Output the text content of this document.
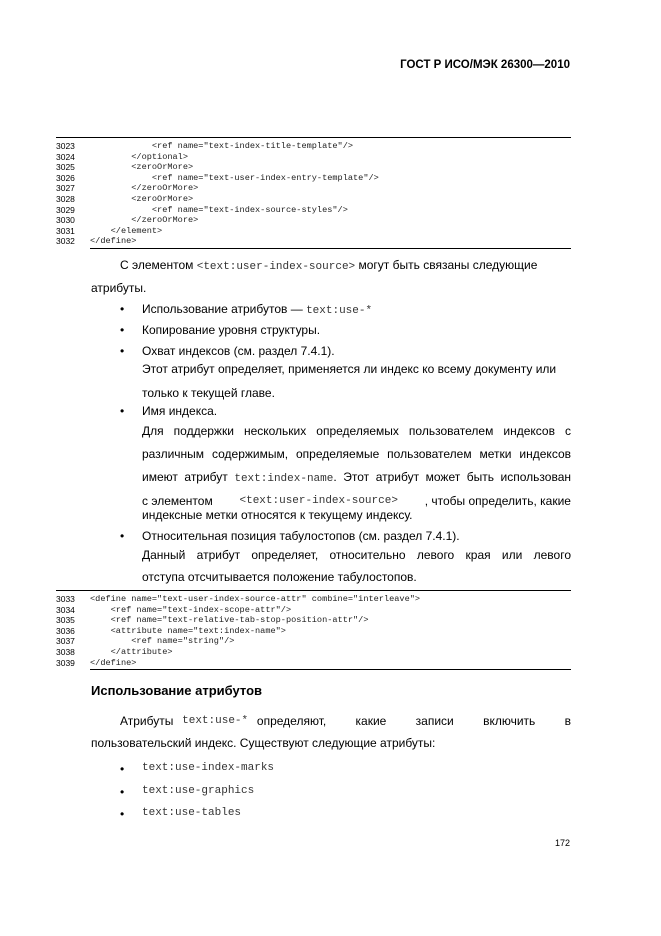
ГОСТ Р ИСО/МЭК 26300—2010
3023	<ref name="text-index-title-template"/>
3024	</optional>
3025	<zeroOrMore>
3026	<ref name="text-user-index-entry-template"/>
3027	</zeroOrMore>
3028	<zeroOrMore>
3029	<ref name="text-index-source-styles"/>
3030	</zeroOrMore>
3031	</element>
3032	</define>
С элементом <text:user-index-source> могут быть связаны следующие
атрибуты.
• Использование атрибутов — text:use-*
• Копирование уровня структуры.
• Охват индексов (см. раздел 7.4.1).
Этот атрибут определяет, применяется ли индекс ко всему документу или
только к текущей главе.
• Имя индекса.
Для поддержки нескольких определяемых пользователем индексов с
различным содержимым, определяемые пользователем метки индексов
имеют атрибут text:index-name. Этот атрибут может быть использован
с элементом <text:user-index-source> , чтобы определить, какие
индексные метки относятся к текущему индексу.
• Относительная позиция табулостопов (см. раздел 7.4.1).
Данный атрибут определяет, относительно левого края или левого
отступа отсчитывается положение табулостопов.
3033	<define name="text-user-index-source-attr" combine="interleave">
3034	<ref name="text-index-scope-attr"/>
3035	<ref name="text-relative-tab-stop-position-attr"/>
3036	<attribute name="text:index-name">
3037	<ref name="string"/>
3038	</attribute>
3039	</define>
Использование атрибутов
Атрибуты text:use-* определяют, какие записи включить в
пользовательский индекс. Существуют следующие атрибуты:
• text:use-index-marks
• text:use-graphics
• text:use-tables
172
